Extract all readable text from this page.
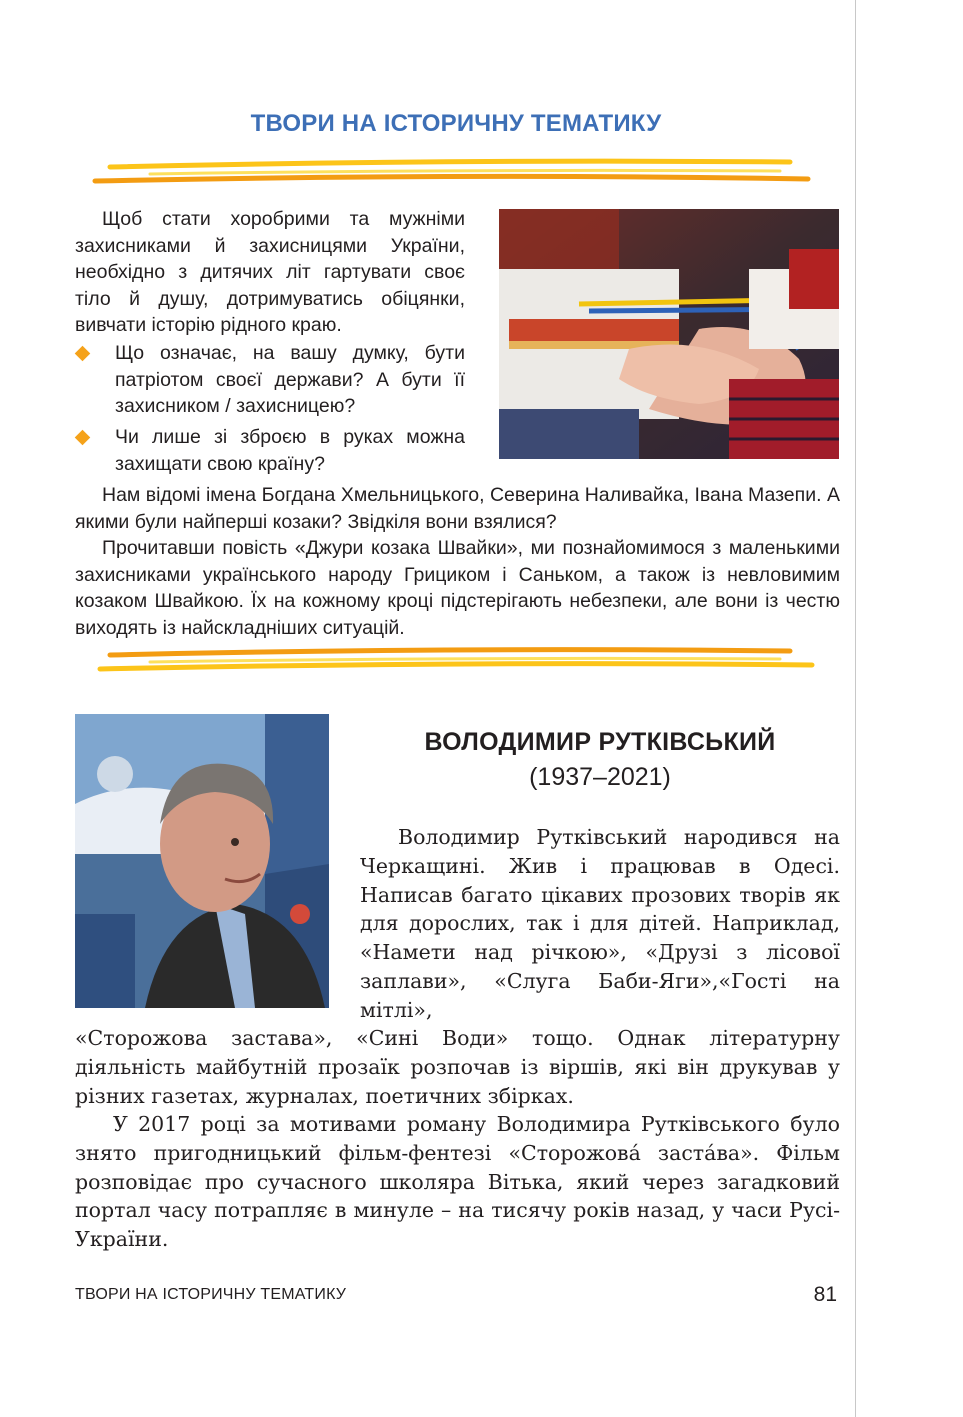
ТВОРИ НА ІСТОРИЧНУ ТЕМАТИКУ

Щоб стати хоробрими та мужніми захисниками й захисницями України, необхідно з дитячих літ гартувати своє тіло й душу, дотримуватись обіцянки, вивчати історію рідного краю.

Що означає, на вашу думку, бути патріотом своєї держави? А бути її захисником / захисницею?
Чи лише зі зброєю в руках можна захищати свою країну?

Нам відомі імена Богдана Хмельницького, Северина Наливайка, Івана Мазепи. А якими були найперші козаки? Звідкіля вони взялися?

Прочитавши повість «Джури козака Швайки», ми познайомимося з маленькими захисниками українського народу Грициком і Саньком, а також із невловимим козаком Швайкою. Їх на кожному кроці підстерігають небезпеки, але вони із честю виходять із найскладніших ситуацій.

ВОЛОДИМИР РУТКІВСЬКИЙ
(1937–2021)

Володимир Рутківський народився на Черкащині. Жив і працював в Одесі. Написав багато цікавих прозових творів як для дорослих, так і для дітей. Наприклад, «Намети над річкою», «Друзі з лісової заплави», «Слуга Баби-Яги»,«Гості на мітлі»,

«Сторожова застава», «Сині Води» тощо. Однак літературну діяльність майбутній прозаїк розпочав із віршів, які він друкував у різних газетах, журналах, поетичних збірках.

У 2017 році за мотивами роману Володимира Рутківського було знято пригодницький фільм-фентезі «Сторожова́ заста́ва». Фільм розповідає про сучасного школяра Вітька, який через загадковий портал часу потрапляє в минуле – на тисячу років назад, у часи Русі-України.

ТВОРИ НА ІСТОРИЧНУ ТЕМАТИКУ	81
